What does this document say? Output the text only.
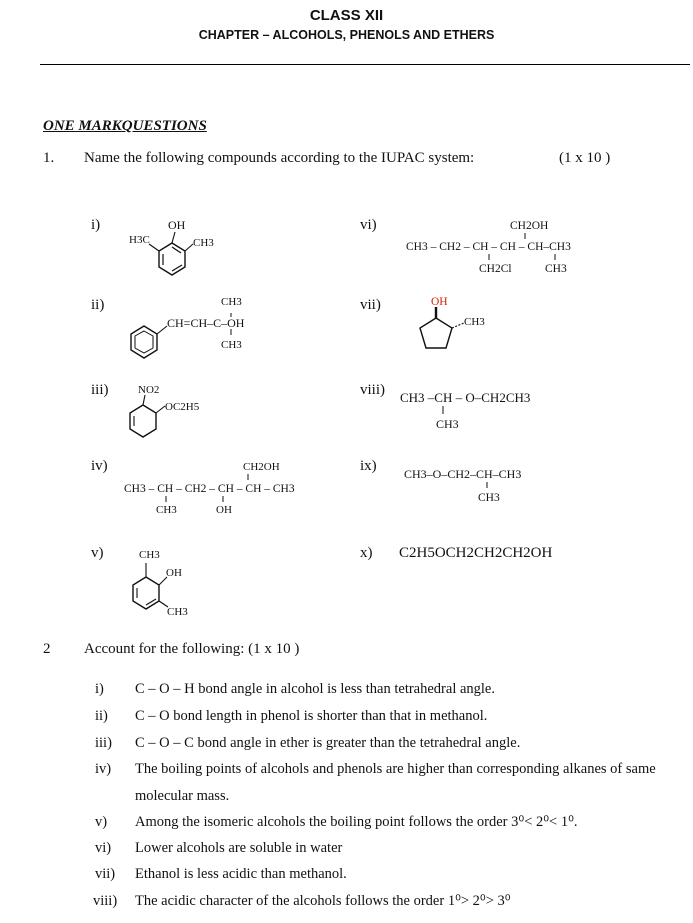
CLASS XII
CHAPTER – ALCOHOLS, PHENOLS AND ETHERS
ONE MARKQUESTIONS
1. Name the following compounds according to the IUPAC system:	(1 x 10 )
i)	OH
H3C	CH3
ii)	CH3
CH=CH–C–OH
CH3
iii)	NO2
OC2H5
iv)	CH2OH
CH3 – CH – CH2 – CH – CH – CH3
CH3	OH
v)	CH3
OH
CH3
vi)	CH2OH
CH3 – CH2 – CH – CH – CH–CH3
CH2Cl	CH3
vii)	OH
CH3
viii) CH3 –CH – O–CH2CH3
CH3
ix) CH3–O–CH2–CH–CH3
CH3
x) C2H5OCH2CH2CH2OH
2 Account for the following: (1 x 10 )
i)	C – O – H bond angle in alcohol is less than tetrahedral angle.
ii)	C – O bond length in phenol is shorter than that in methanol.
iii)	C – O – C bond angle in ether is greater than the tetrahedral angle.
iv)	The boiling points of alcohols and phenols are higher than corresponding alkanes of same
molecular mass.
v)	Among the isomeric alcohols the boiling point follows the order 3⁰< 2⁰< 1⁰.
vi)	Lower alcohols are soluble in water
vii)	Ethanol is less acidic than methanol.
viii)	The acidic character of the alcohols follows the order 1⁰> 2⁰> 3⁰
